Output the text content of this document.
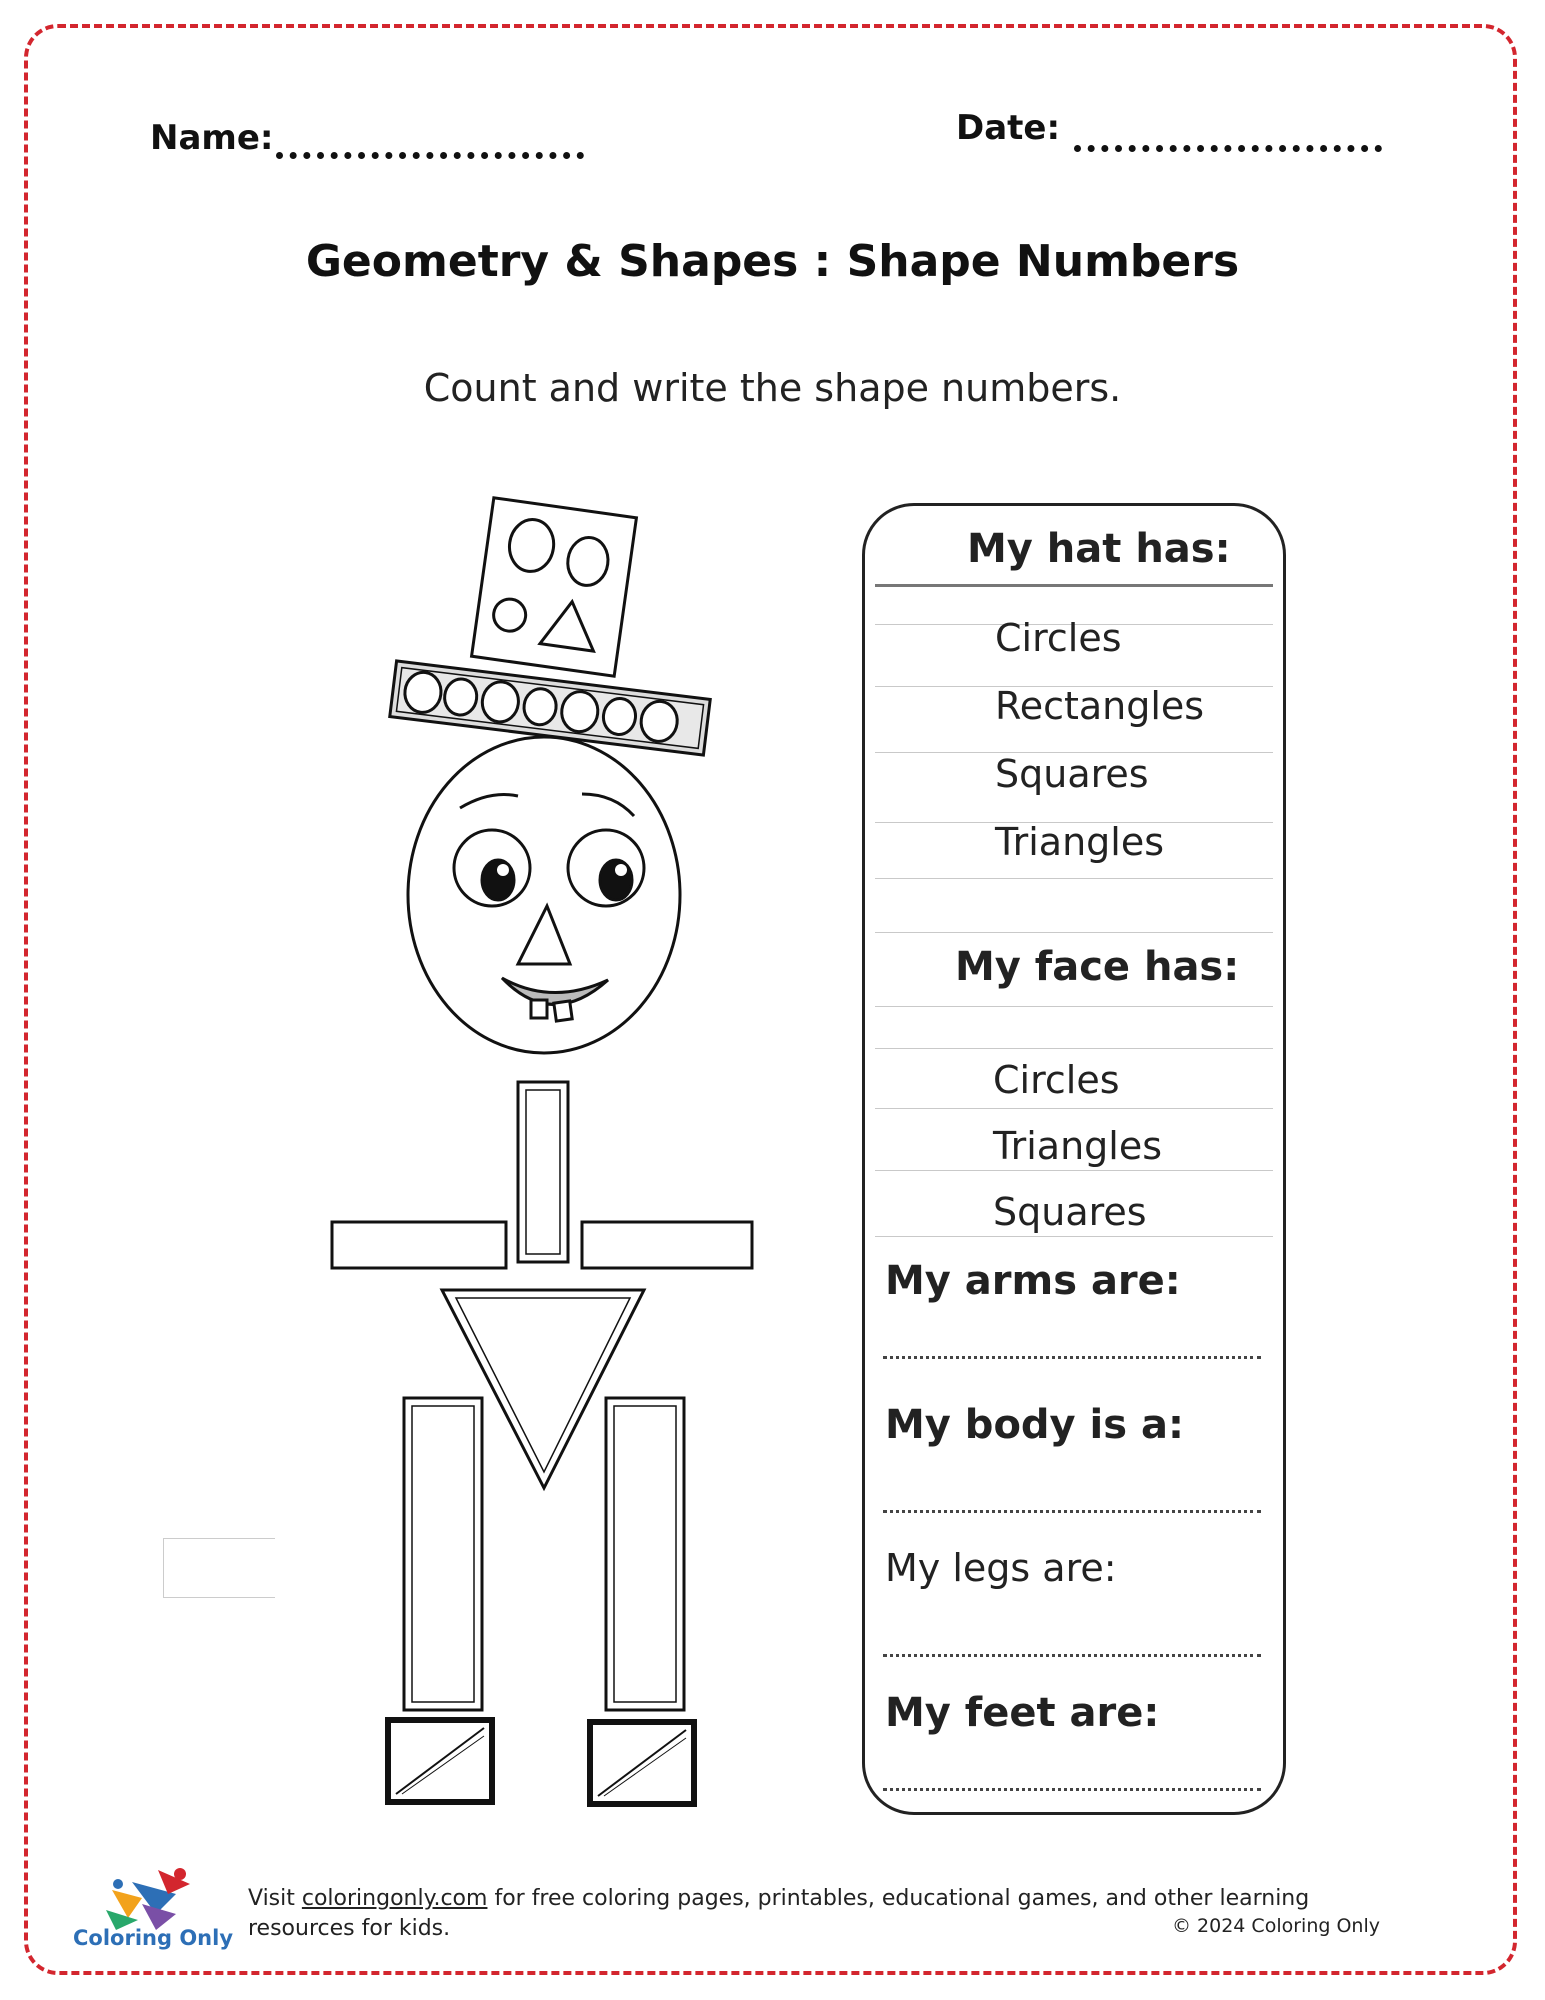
Name:	Date:
Geometry & Shapes : Shape Numbers
Count and write the shape numbers.
My hat has:
Circles
Rectangles
Squares
Triangles
My face has:
Circles
Triangles
Squares
My arms are:
My body is a:
My legs are:
My feet are:
Coloring Only
Visit coloringonly.com for free coloring pages, printables, educational games, and other learning resources for kids.	© 2024 Coloring Only
